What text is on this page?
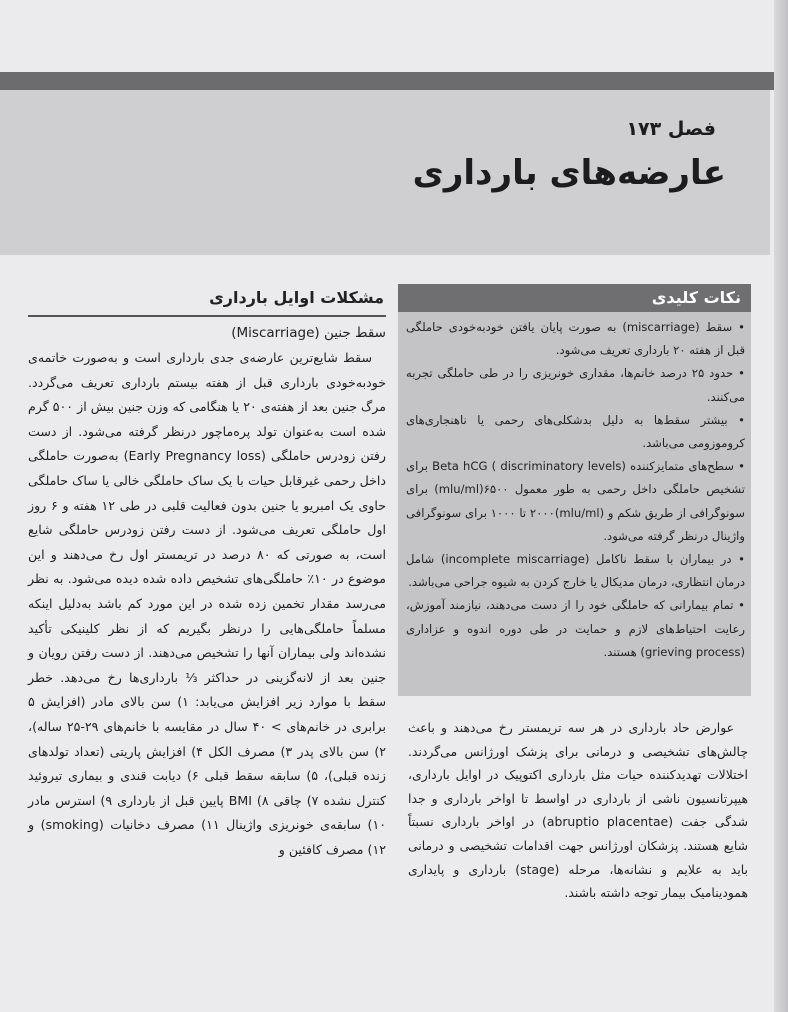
فصل ۱۷۳
عارضه‌های بارداری
مشکلات اوایل بارداری
سقط جنین (Miscarriage)

سقط شایع‌ترین عارضه‌ی جدی بارداری است و به‌صورت خاتمه‌ی خودبه‌خودی بارداری قبل از هفته بیستم بارداری تعریف می‌گردد. مرگ جنین بعد از هفته‌ی ۲۰ یا هنگامی که وزن جنین بیش از ۵۰۰ گرم شده است به‌عنوان تولد پره‌ماچور درنظر گرفته می‌شود. از دست رفتن زودرس حاملگی (Early Pregnancy loss) به‌صورت حاملگی داخل رحمی غیرقابل حیات با یک ساک حاملگی خالی یا ساک حاملگی حاوی یک امبریو یا جنین بدون فعالیت قلبی در طی ۱۲ هفته و ۶ روز اول حاملگی تعریف می‌شود. از دست رفتن زودرس حاملگی شایع است، به صورتی که ۸۰ درصد در تریمستر اول رخ می‌دهند و این موضوع در ۱۰٪ حاملگی‌های تشخیص داده شده دیده می‌شود. به نظر می‌رسد مقدار تخمین زده شده در این مورد کم باشد به‌دلیل اینکه مسلماً حاملگی‌هایی را درنظر بگیریم که از نظر کلینیکی تأکید نشده‌اند ولی بیماران آنها را تشخیص می‌دهند. از دست رفتن رویان و جنین بعد از لانه‌گزینی در حداکثر ⅓ بارداری‌ها رخ می‌دهد. خطر سقط با موارد زیر افزایش می‌یابد: ۱) سن بالای مادر (افزایش ۵ برابری در خانم‌های > ۴۰ سال در مقایسه با خانم‌های ۲۹-۲۵ ساله)، ۲) سن بالای پدر ۳) مصرف الکل ۴) افزایش پاریتی (تعداد تولدهای زنده قبلی)، ۵) سابقه سقط قبلی ۶) دیابت قندی و بیماری تیروئید کنترل نشده ۷) چاقی ۸) BMI پایین قبل از بارداری ۹) استرس مادر ۱۰) سابقه‌ی خونریزی واژینال ۱۱) مصرف دخانیات (smoking) و ۱۲) مصرف کافئین و

نکات کلیدی
• سقط (miscarriage) به صورت پایان یافتن خودبه‌خودی حاملگی قبل از هفته ۲۰ بارداری تعریف می‌شود.
• حدود ۲۵ درصد خانم‌ها، مقداری خونریزی را در طی حاملگی تجربه می‌کنند.
• بیشتر سقط‌ها به دلیل بدشکلی‌های رحمی یا ناهنجاری‌های کروموزومی می‌باشد.
• سطح‌های متمایزکننده Beta hCG ( discriminatory levels) برای تشخیص حاملگی داخل رحمی به طور معمول ۶۵۰۰(mlu/ml) برای سونوگرافی از طریق شکم و (mlu/ml)۲۰۰۰ تا ۱۰۰۰ برای سونوگرافی واژینال درنظر گرفته می‌شود.
• در بیماران با سقط ناکامل (incomplete miscarriage) شامل درمان انتظاری، درمان مدیکال یا خارج کردن به شیوه جراحی می‌باشد.
• تمام بیمارانی که حاملگی خود را از دست می‌دهند، نیازمند آموزش، رعایت احتیاط‌های لازم و حمایت در طی دوره اندوه و عزاداری (grieving process) هستند.

عوارض حاد بارداری در هر سه تریمستر رخ می‌دهند و باعث چالش‌های تشخیصی و درمانی برای پزشک اورژانس می‌گردند. اختلالات تهدیدکننده حیات مثل بارداری اکتوپیک در اوایل بارداری، هیپرتانسیون ناشی از بارداری در اواسط تا اواخر بارداری و جدا شدگی جفت (abruptio placentae) در اواخر بارداری نسبتاً شایع هستند. پزشکان اورژانس جهت اقدامات تشخیصی و درمانی باید به علایم و نشانه‌ها، مرحله (stage) بارداری و پایداری همودینامیک بیمار توجه داشته باشند.
